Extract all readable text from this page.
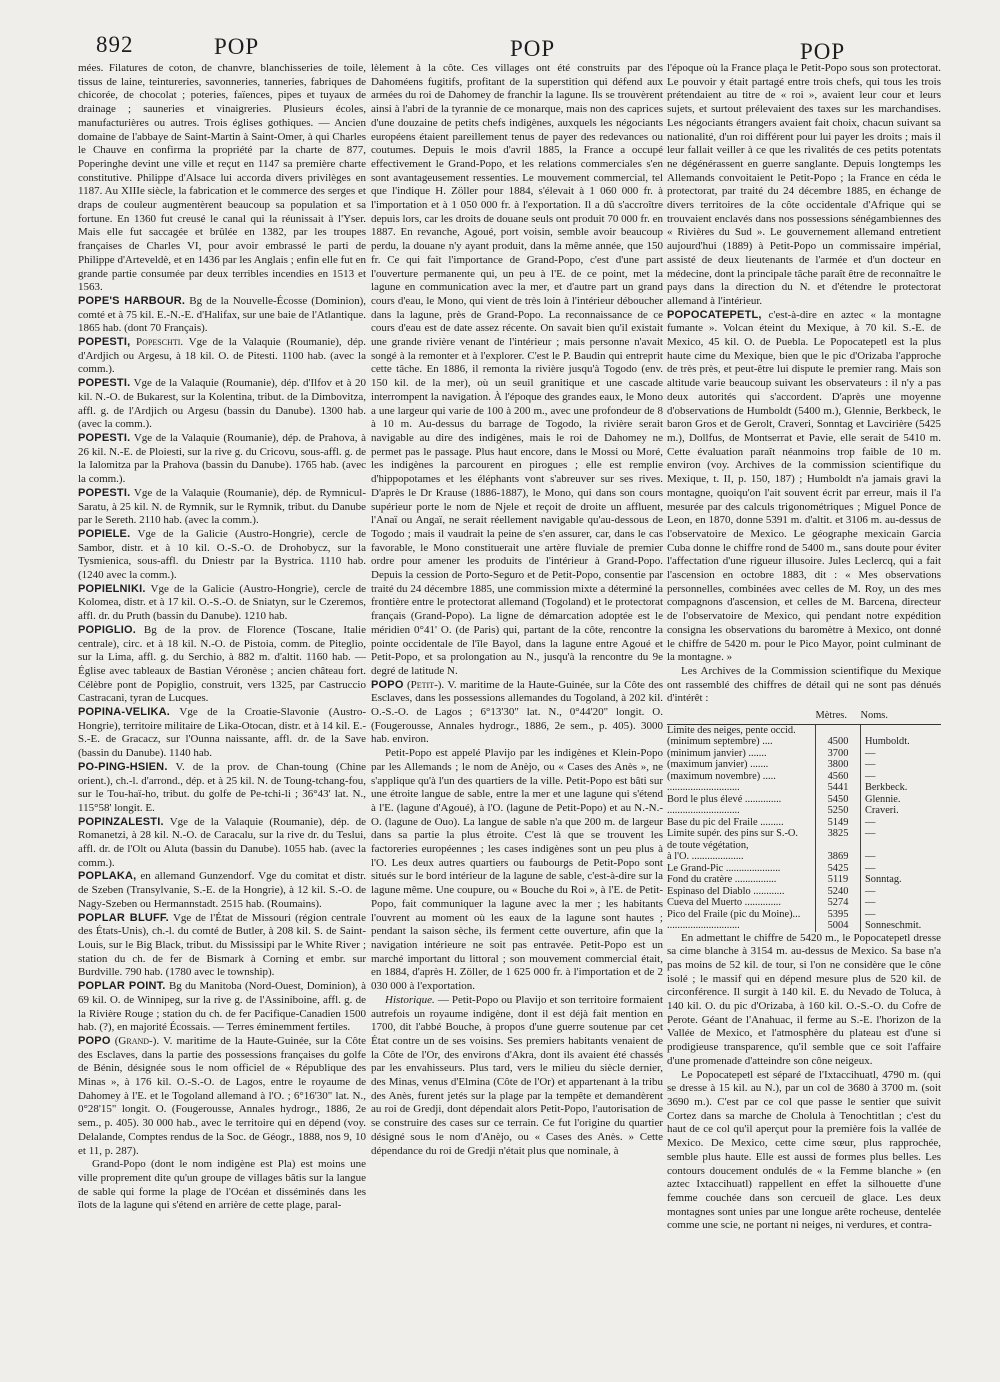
892	POP	POP	POP

mées. Filatures de coton, de chanvre, blanchisseries de toile, tissus de laine, teintureries, savonneries, tanneries, fabriques de chicorée, de chocolat ; poteries, faïences, pipes et tuyaux de drainage ; sauneries et vinaigreries. Plusieurs écoles, manufacturières ou autres. Trois églises gothiques. — Ancien domaine de l'abbaye de Saint-Martin à Saint-Omer, à qui Charles le Chauve en confirma la propriété par la charte de 877, Poperinghe devint une ville et reçut en 1147 sa première charte constitutive. Philippe d'Alsace lui accorda divers privilèges en 1187. Au XIIIe siècle, la fabrication et le commerce des serges et draps de couleur augmentèrent beaucoup sa population et sa fortune. En 1360 fut creusé le canal qui la réunissait à l'Yser. Mais elle fut saccagée et brûlée en 1382, par les troupes françaises de Charles VI, pour avoir embrassé le parti de Philippe d'Arteveldè, et en 1436 par les Anglais ; enfin elle fut en grande partie consumée par deux terribles incendies en 1513 et 1563.

POPE'S HARBOUR. Bg de la Nouvelle-Écosse (Dominion), comté et à 75 kil. E.-N.-E. d'Halifax, sur une baie de l'Atlantique. 1865 hab. (dont 70 Français).

POPESTI, Popeschti. Vge de la Valaquie (Roumanie), dép. d'Ardjich ou Argesu, à 18 kil. O. de Pitesti. 1100 hab. (avec la comm.).

POPESTI. Vge de la Valaquie (Roumanie), dép. d'Ilfov et à 20 kil. N.-O. de Bukarest, sur la Kolentina, tribut. de la Dimbovitza, affl. g. de l'Ardjich ou Argesu (bassin du Danube). 1300 hab. (avec la comm.).

POPESTI. Vge de la Valaquie (Roumanie), dép. de Prahova, à 26 kil. N.-E. de Ploiesti, sur la rive g. du Cricovu, sous-affl. g. de la Ialomitza par la Prahova (bassin du Danube). 1765 hab. (avec la comm.).

POPESTI. Vge de la Valaquie (Roumanie), dép. de Rymnicul-Saratu, à 25 kil. N. de Rymnik, sur le Rymnik, tribut. du Danube par le Sereth. 2110 hab. (avec la comm.).

POPIELE. Vge de la Galicie (Austro-Hongrie), cercle de Sambor, distr. et à 10 kil. O.-S.-O. de Drohobycz, sur la Tysmienica, sous-affl. du Dniestr par la Bystrica. 1110 hab. (1240 avec la comm.).

POPIELNIKI. Vge de la Galicie (Austro-Hongrie), cercle de Kolomea, distr. et à 17 kil. O.-S.-O. de Sniatyn, sur le Czeremos, affl. dr. du Pruth (bassin du Danube). 1210 hab.

POPIGLIO. Bg de la prov. de Florence (Toscane, Italie centrale), circ. et à 18 kil. N.-O. de Pistoia, comm. de Piteglio, sur la Lima, affl. g. du Serchio, à 882 m. d'altit. 1160 hab. — Église avec tableaux de Bastian Véronèse ; ancien château fort. Célèbre pont de Popiglio, construit, vers 1325, par Castruccio Castracani, tyran de Lucques.

POPINA-VELIKA. Vge de la Croatie-Slavonie (Austro-Hongrie), territoire militaire de Lika-Otocan, distr. et à 14 kil. E.-S.-E. de Gracacz, sur l'Ounna naissante, affl. dr. de la Save (bassin du Danube). 1140 hab.

PO-PING-HSIEN. V. de la prov. de Chan-toung (Chine orient.), ch.-l. d'arrond., dép. et à 25 kil. N. de Toung-tchang-fou, sur le Tou-haï-ho, tribut. du golfe de Pe-tchi-li ; 36°43' lat. N., 115°58' longit. E.

POPINZALESTI. Vge de la Valaquie (Roumanie), dép. de Romanetzi, à 28 kil. N.-O. de Caracalu, sur la rive dr. du Teslui, affl. dr. de l'Olt ou Aluta (bassin du Danube). 1055 hab. (avec la comm.).

POPLAKA, en allemand Gunzendorf. Vge du comitat et distr. de Szeben (Transylvanie, S.-E. de la Hongrie), à 12 kil. S.-O. de Nagy-Szeben ou Hermannstadt. 2515 hab. (Roumains).

POPLAR BLUFF. Vge de l'État de Missouri (région centrale des États-Unis), ch.-l. du comté de Butler, à 208 kil. S. de Saint-Louis, sur le Big Black, tribut. du Mississipi par le White River ; station du ch. de fer de Bismark à Corning et embr. sur Burdville. 790 hab. (1780 avec le township).

POPLAR POINT. Bg du Manitoba (Nord-Ouest, Dominion), à 69 kil. O. de Winnipeg, sur la rive g. de l'Assiniboine, affl. g. de la Rivière Rouge ; station du ch. de fer Pacifique-Canadien 1500 hab. (?), en majorité Écossais. — Terres éminemment fertiles.

POPO (Grand-). V. maritime de la Haute-Guinée, sur la Côte des Esclaves, dans la partie des possessions françaises du golfe de Bénin, désignée sous le nom officiel de « République des Minas », à 176 kil. O.-S.-O. de Lagos, entre le royaume de Dahomey à l'E. et le Togoland allemand à l'O. ; 6°16'30" lat. N., 0°28'15" longit. O. (Fougerousse, Annales hydrogr., 1886, 2e sem., p. 405). 30 000 hab., avec le territoire qui en dépend (voy. Delalande, Comptes rendus de la Soc. de Géogr., 1888, nos 9, 10 et 11, p. 287).

Grand-Popo (dont le nom indigène est Pla) est moins une ville proprement dite qu'un groupe de villages bâtis sur la langue de sable qui forme la plage de l'Océan et disséminés dans les îlots de la lagune qui s'étend en arrière de cette plage, paral-

lèlement à la côte. Ces villages ont été construits par des Dahoméens fugitifs, profitant de la superstition qui défend aux armées du roi de Dahomey de franchir la lagune. Ils se trouvèrent ainsi à l'abri de la tyrannie de ce monarque, mais non des caprices d'une douzaine de petits chefs indigènes, auxquels les négociants européens étaient pareillement tenus de payer des redevances ou coutumes. Depuis le mois d'avril 1885, la France a occupé effectivement le Grand-Popo, et les relations commerciales s'en sont avantageusement ressenties. Le mouvement commercial, tel que l'indique H. Zöller pour 1884, s'élevait à 1 060 000 fr. à l'importation et à 1 050 000 fr. à l'exportation. Il a dû s'accroître depuis lors, car les droits de douane seuls ont produit 70 000 fr. en 1887. En revanche, Agoué, port voisin, semble avoir beaucoup perdu, la douane n'y ayant produit, dans la même année, que 150 fr. Ce qui fait l'importance de Grand-Popo, c'est d'une part l'ouverture permanente qui, un peu à l'E. de ce point, met la lagune en communication avec la mer, et d'autre part un grand cours d'eau, le Mono, qui vient de très loin à l'intérieur déboucher dans la lagune, près de Grand-Popo. La reconnaissance de ce cours d'eau est de date assez récente. On savait bien qu'il existait une grande rivière venant de l'intérieur ; mais personne n'avait songé à la remonter et à l'explorer. C'est le P. Baudin qui entreprit cette tâche. En 1886, il remonta la rivière jusqu'à Togodo (env. 150 kil. de la mer), où un seuil granitique et une cascade interrompent la navigation. À l'époque des grandes eaux, le Mono a une largeur qui varie de 100 à 200 m., avec une profondeur de 8 à 10 m. Au-dessus du barrage de Togodo, la rivière serait navigable au dire des indigènes, mais le roi de Dahomey ne permet pas le passage. Plus haut encore, dans le Mossi ou Moré, les indigènes la parcourent en pirogues ; elle est remplie d'hippopotames et les éléphants vont s'abreuver sur ses rives. D'après le Dr Krause (1886-1887), le Mono, qui dans son cours supérieur porte le nom de Njele et reçoit de droite un affluent, l'Anaï ou Angaï, ne serait réellement navigable qu'au-dessous de Togodo ; mais il vaudrait la peine de s'en assurer, car, dans le cas favorable, le Mono constituerait une artère fluviale de premier ordre pour amener les produits de l'intérieur à Grand-Popo. Depuis la cession de Porto-Seguro et de Petit-Popo, consentie par traité du 24 décembre 1885, une commission mixte a déterminé la frontière entre le protectorat allemand (Togoland) et le protectorat français (Grand-Popo). La ligne de démarcation adoptée est le méridien 0°41' O. (de Paris) qui, partant de la côte, rencontre la pointe occidentale de l'île Bayol, dans la lagune entre Agoué et Petit-Popo, et sa prolongation au N., jusqu'à la rencontre du 9e degré de latitude N.

POPO (Petit-). V. maritime de la Haute-Guinée, sur la Côte des Esclaves, dans les possessions allemandes du Togoland, à 202 kil. O.-S.-O. de Lagos ; 6°13'30" lat. N., 0°44'20" longit. O. (Fougerousse, Annales hydrogr., 1886, 2e sem., p. 405). 3000 hab. environ.

Petit-Popo est appelé Plavijo par les indigènes et Klein-Popo par les Allemands ; le nom de Anèjo, ou « Cases des Anès », ne s'applique qu'à l'un des quartiers de la ville. Petit-Popo est bâti sur une étroite langue de sable, entre la mer et une lagune qui s'étend à l'E. (lagune d'Agoué), à l'O. (lagune de Petit-Popo) et au N.-N.-O. (lagune de Ouo). La langue de sable n'a que 200 m. de largeur dans sa partie la plus étroite. C'est là que se trouvent les factoreries européennes ; les cases indigènes sont un peu plus à l'O. Les deux autres quartiers ou faubourgs de Petit-Popo sont situés sur le bord intérieur de la lagune de sable, c'est-à-dire sur la lagune même. Une coupure, ou « Bouche du Roi », à l'E. de Petit-Popo, fait communiquer la lagune avec la mer ; les habitants l'ouvrent au moment où les eaux de la lagune sont hautes ; pendant la saison sèche, ils ferment cette ouverture, afin que la navigation intérieure ne soit pas entravée. Petit-Popo est un marché important du littoral ; son mouvement commercial était, en 1884, d'après H. Zöller, de 1 625 000 fr. à l'importation et de 2 030 000 à l'exportation.

Historique. — Petit-Popo ou Plavijo et son territoire formaient autrefois un royaume indigène, dont il est déjà fait mention en 1700, dit l'abbé Bouche, à propos d'une guerre soutenue par cet État contre un de ses voisins. Ses premiers habitants venaient de la Côte de l'Or, des environs d'Akra, dont ils avaient été chassés par les envahisseurs. Plus tard, vers le milieu du siècle dernier, des Minas, venus d'Elmina (Côte de l'Or) et appartenant à la tribu des Anès, furent jetés sur la plage par la tempête et demandèrent au roi de Gredji, dont dépendait alors Petit-Popo, l'autorisation de se construire des cases sur ce terrain. Ce fut l'origine du quartier désigné sous le nom d'Anèjo, ou « Cases des Anès. » Cette dépendance du roi de Gredji n'était plus que nominale, à

l'époque où la France plaça le Petit-Popo sous son protectorat. Le pouvoir y était partagé entre trois chefs, qui tous les trois prétendaient au titre de « roi », avaient leur cour et leurs sujets, et surtout prélevaient des taxes sur les marchandises. Les négociants étrangers avaient fait choix, chacun suivant sa nationalité, d'un roi différent pour lui payer les droits ; mais il leur fallait veiller à ce que les rivalités de ces petits potentats ne dégénérassent en guerre sanglante. Depuis longtemps les Allemands convoitaient le Petit-Popo ; la France en céda le protectorat, par traité du 24 décembre 1885, en échange de divers territoires de la côte occidentale d'Afrique qui se trouvaient enclavés dans nos possessions sénégambiennes des « Rivières du Sud ». Le gouvernement allemand entretient aujourd'hui (1889) à Petit-Popo un commissaire impérial, assisté de deux lieutenants de l'armée et d'un docteur en médecine, dont la principale tâche paraît être de reconnaître le pays dans la direction du N. et d'étendre le protectorat allemand à l'intérieur.

POPOCATEPETL, c'est-à-dire en aztec « la montagne fumante ». Volcan éteint du Mexique, à 70 kil. S.-E. de Mexico, 45 kil. O. de Puebla. Le Popocatepetl est la plus haute cime du Mexique, bien que le pic d'Orizaba l'approche de très près, et peut-être lui dispute le premier rang. Mais son altitude varie beaucoup suivant les observateurs : il n'y a pas deux autorités qui s'accordent. D'après une moyenne d'observations de Humboldt (5400 m.), Glennie, Berkbeck, le baron Gros et de Gerolt, Craveri, Sonntag et Lavcirière (5425 m.), Dollfus, de Montserrat et Pavie, elle serait de 5410 m. Cette évaluation paraît néanmoins trop faible de 10 m. environ (voy. Archives de la commission scientifique du Mexique, t. II, p. 150, 187) ; Humboldt n'a jamais gravi la montagne, quoiqu'on l'ait souvent écrit par erreur, mais il l'a mesurée par des calculs trigonométriques ; Miguel Ponce de Leon, en 1870, donne 5391 m. d'altit. et 3106 m. au-dessus de l'observatoire de Mexico. Le géographe mexicain Garcia Cuba donne le chiffre rond de 5400 m., sans doute pour éviter l'affectation d'une rigueur illusoire. Jules Leclercq, qui a fait l'ascension en octobre 1883, dit : « Mes observations personnelles, combinées avec celles de M. Roy, un des mes compagnons d'ascension, et celles de M. Barcena, directeur de l'observatoire de Mexico, qui pendant notre expédition consigna les observations du baromètre à Mexico, ont donné le chiffre de 5420 m. pour le Pico Mayor, point culminant de la montagne. »

Les Archives de la Commission scientifique du Mexique ont rassemblé des chiffres de détail qui ne sont pas dénués d'intérêt :

	Mètres.	Noms.
Limite des neiges, pente occid.		
(minimum septembre) ....	4500	Humboldt.
(minimum janvier) .......	3700	—
(maximum janvier) .......	3800	—
(maximum novembre) .....	4560	—
............................	5441	Berkbeck.
Bord le plus élevé ..............	5450	Glennie.
............................	5250	Craveri.
Base du pic del Fraile .........	5149	—
Limite supér. des pins sur S.-O.	3825	—
de toute végétation,		
à l'O. ....................	3869	—
Le Grand-Pic .....................	5425	—
Fond du cratère ................	5119	Sonntag.
Espinaso del Diablo ............	5240	—
Cueva del Muerto ..............	5274	—
Pico del Fraile (pic du Moine)...	5395	—
............................	5004	Sonneschmit.

En admettant le chiffre de 5420 m., le Popocatepetl dresse sa cime blanche à 3154 m. au-dessus de Mexico. Sa base n'a pas moins de 52 kil. de tour, si l'on ne considère que le cône isolé ; le massif qui en dépend mesure plus de 520 kil. de circonférence. Il surgit à 140 kil. E. du Nevado de Toluca, à 140 kil. O. du pic d'Orizaba, à 160 kil. O.-S.-O. du Cofre de Perote. Géant de l'Anahuac, il ferme au S.-E. l'horizon de la Vallée de Mexico, et l'atmosphère du plateau est d'une si prodigieuse transparence, qu'il semble que ce soit l'affaire d'une promenade d'atteindre son cône neigeux.

Le Popocatepetl est séparé de l'Ixtaccihuatl, 4790 m. (qui se dresse à 15 kil. au N.), par un col de 3680 à 3700 m. (soit 3690 m.). C'est par ce col que passe le sentier que suivit Cortez dans sa marche de Cholula à Tenochtitlan ; c'est du haut de ce col qu'il aperçut pour la première fois la vallée de Mexico. De Mexico, cette cime sœur, plus rapprochée, semble plus haute. Elle est aussi de formes plus belles. Les contours doucement ondulés de « la Femme blanche » (en aztec Ixtaccihuatl) rappellent en effet la silhouette d'une femme couchée dans son cercueil de glace. Les deux montagnes sont unies par une longue arête rocheuse, dentelée comme une scie, ne portant ni neiges, ni verdures, et contra-
